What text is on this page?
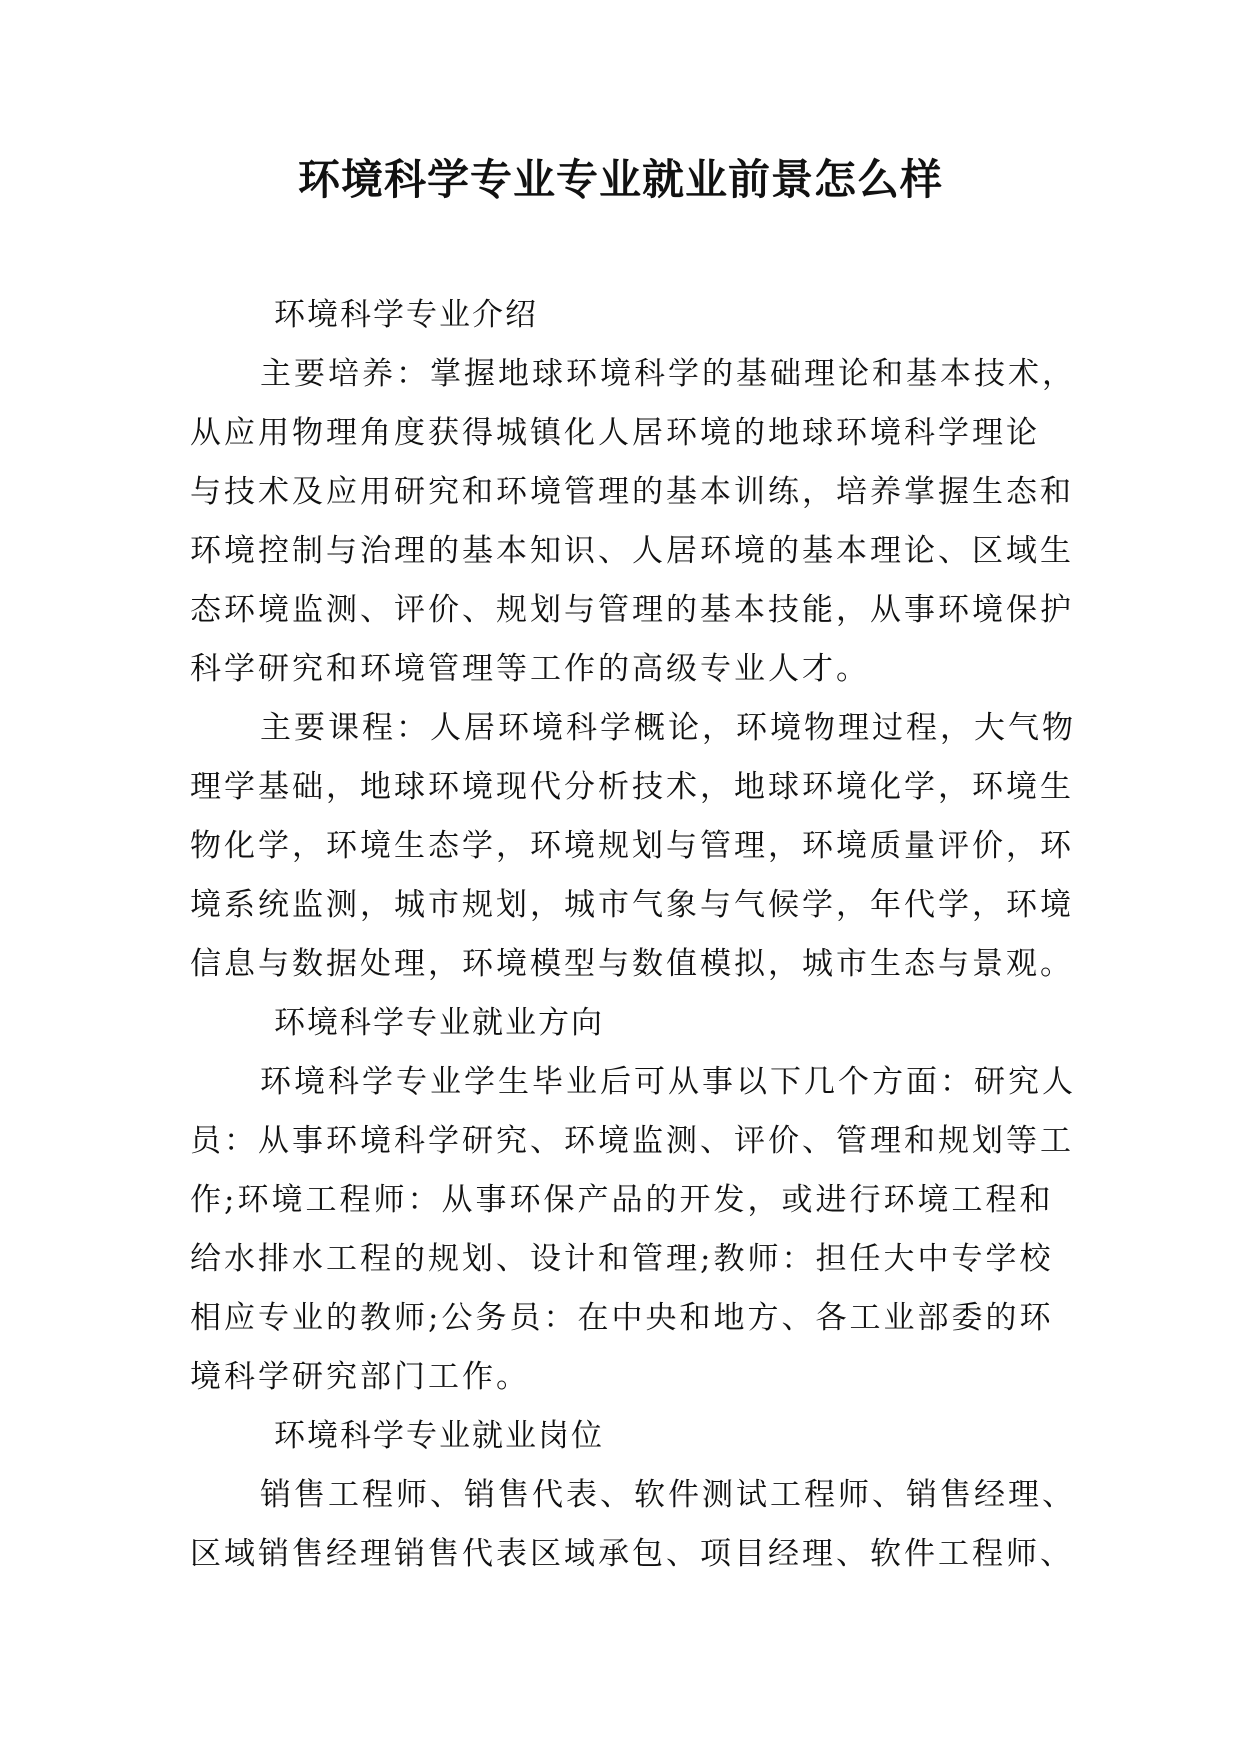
环境科学专业专业就业前景怎么样
环境科学专业介绍
主要培养：掌握地球环境科学的基础理论和基本技术，
从应用物理角度获得城镇化人居环境的地球环境科学理论
与技术及应用研究和环境管理的基本训练，培养掌握生态和
环境控制与治理的基本知识、人居环境的基本理论、区域生
态环境监测、评价、规划与管理的基本技能，从事环境保护
科学研究和环境管理等工作的高级专业人才。
主要课程：人居环境科学概论，环境物理过程，大气物
理学基础，地球环境现代分析技术，地球环境化学，环境生
物化学，环境生态学，环境规划与管理，环境质量评价，环
境系统监测，城市规划，城市气象与气候学，年代学，环境
信息与数据处理，环境模型与数值模拟，城市生态与景观。
环境科学专业就业方向
环境科学专业学生毕业后可从事以下几个方面：研究人
员：从事环境科学研究、环境监测、评价、管理和规划等工
作;环境工程师：从事环保产品的开发，或进行环境工程和
给水排水工程的规划、设计和管理;教师：担任大中专学校
相应专业的教师;公务员：在中央和地方、各工业部委的环
境科学研究部门工作。
环境科学专业就业岗位
销售工程师、销售代表、软件测试工程师、销售经理、
区域销售经理销售代表区域承包、项目经理、软件工程师、
